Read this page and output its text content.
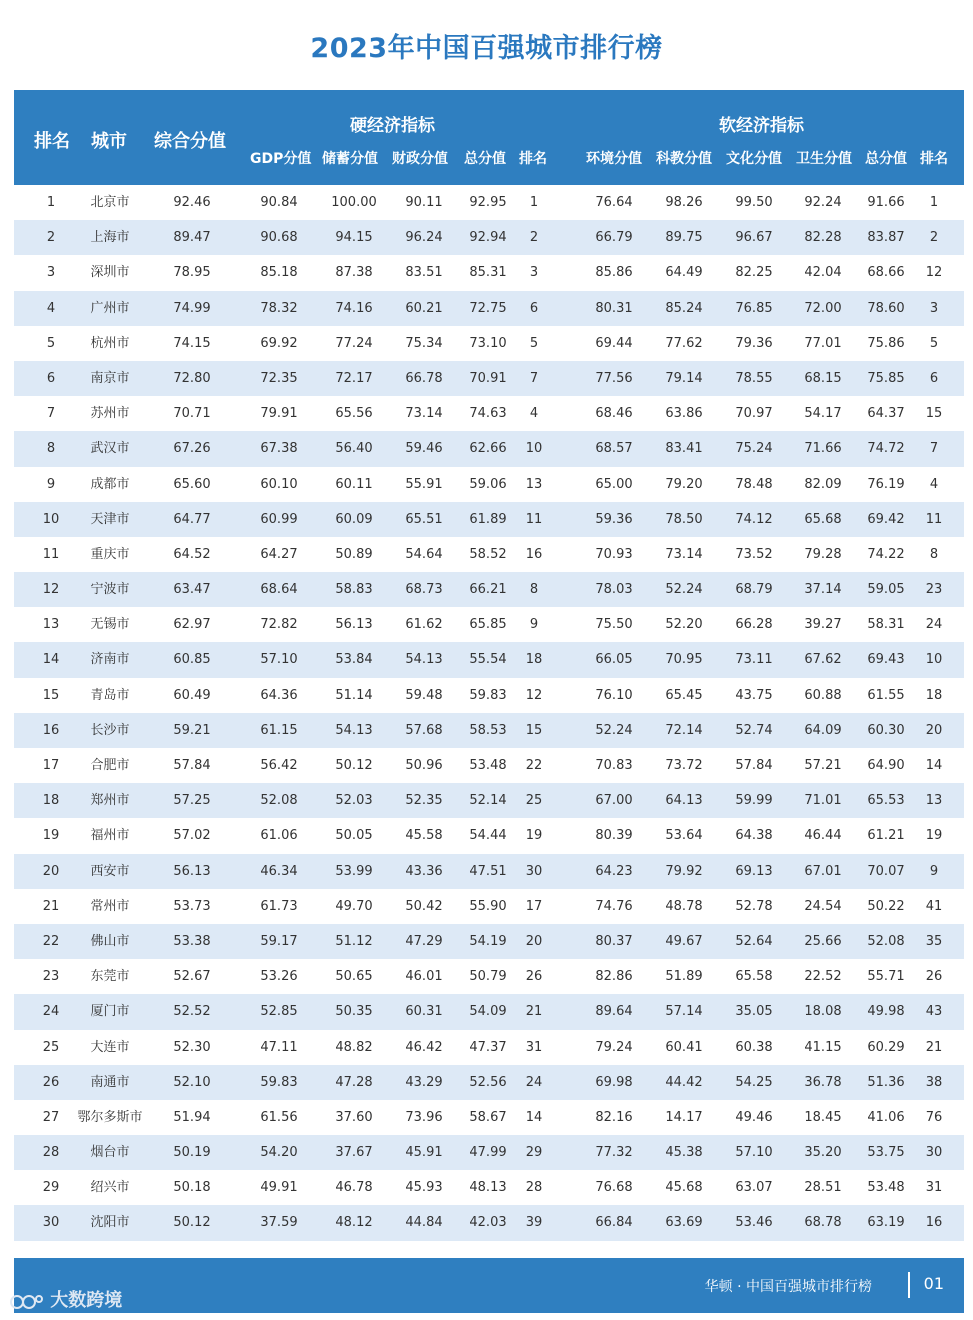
2023年中国百强城市排行榜
排名 城市 综合分值
硬经济指标	软经济指标
GDP分值 储蓄分值 财政分值 总分值 排名	环境分值 科教分值 文化分值 卫生分值 总分值 排名
1	北京市	92.46	90.84	100.00	90.11	92.95	1	76.64	98.26	99.50	92.24	91.66	1
2	上海市	89.47	90.68	94.15	96.24	92.94	2	66.79	89.75	96.67	82.28	83.87	2
3	深圳市	78.95	85.18	87.38	83.51	85.31	3	85.86	64.49	82.25	42.04	68.66	12
4	广州市	74.99	78.32	74.16	60.21	72.75	6	80.31	85.24	76.85	72.00	78.60	3
5	杭州市	74.15	69.92	77.24	75.34	73.10	5	69.44	77.62	79.36	77.01	75.86	5
6	南京市	72.80	72.35	72.17	66.78	70.91	7	77.56	79.14	78.55	68.15	75.85	6
7	苏州市	70.71	79.91	65.56	73.14	74.63	4	68.46	63.86	70.97	54.17	64.37	15
8	武汉市	67.26	67.38	56.40	59.46	62.66	10	68.57	83.41	75.24	71.66	74.72	7
9	成都市	65.60	60.10	60.11	55.91	59.06	13	65.00	79.20	78.48	82.09	76.19	4
10	天津市	64.77	60.99	60.09	65.51	61.89	11	59.36	78.50	74.12	65.68	69.42	11
11	重庆市	64.52	64.27	50.89	54.64	58.52	16	70.93	73.14	73.52	79.28	74.22	8
12	宁波市	63.47	68.64	58.83	68.73	66.21	8	78.03	52.24	68.79	37.14	59.05	23
13	无锡市	62.97	72.82	56.13	61.62	65.85	9	75.50	52.20	66.28	39.27	58.31	24
14	济南市	60.85	57.10	53.84	54.13	55.54	18	66.05	70.95	73.11	67.62	69.43	10
15	青岛市	60.49	64.36	51.14	59.48	59.83	12	76.10	65.45	43.75	60.88	61.55	18
16	长沙市	59.21	61.15	54.13	57.68	58.53	15	52.24	72.14	52.74	64.09	60.30	20
17	合肥市	57.84	56.42	50.12	50.96	53.48	22	70.83	73.72	57.84	57.21	64.90	14
18	郑州市	57.25	52.08	52.03	52.35	52.14	25	67.00	64.13	59.99	71.01	65.53	13
19	福州市	57.02	61.06	50.05	45.58	54.44	19	80.39	53.64	64.38	46.44	61.21	19
20	西安市	56.13	46.34	53.99	43.36	47.51	30	64.23	79.92	69.13	67.01	70.07	9
21	常州市	53.73	61.73	49.70	50.42	55.90	17	74.76	48.78	52.78	24.54	50.22	41
22	佛山市	53.38	59.17	51.12	47.29	54.19	20	80.37	49.67	52.64	25.66	52.08	35
23	东莞市	52.67	53.26	50.65	46.01	50.79	26	82.86	51.89	65.58	22.52	55.71	26
24	厦门市	52.52	52.85	50.35	60.31	54.09	21	89.64	57.14	35.05	18.08	49.98	43
25	大连市	52.30	47.11	48.82	46.42	47.37	31	79.24	60.41	60.38	41.15	60.29	21
26	南通市	52.10	59.83	47.28	43.29	52.56	24	69.98	44.42	54.25	36.78	51.36	38
27	鄂尔多斯市	51.94	61.56	37.60	73.96	58.67	14	82.16	14.17	49.46	18.45	41.06	76
28	烟台市	50.19	54.20	37.67	45.91	47.99	29	77.32	45.38	57.10	35.20	53.75	30
29	绍兴市	50.18	49.91	46.78	45.93	48.13	28	76.68	45.68	63.07	28.51	53.48	31
30	沈阳市	50.12	37.59	48.12	44.84	42.03	39	66.84	63.69	53.46	68.78	63.19	16
华顿 · 中国百强城市排行榜	01
大数跨境
